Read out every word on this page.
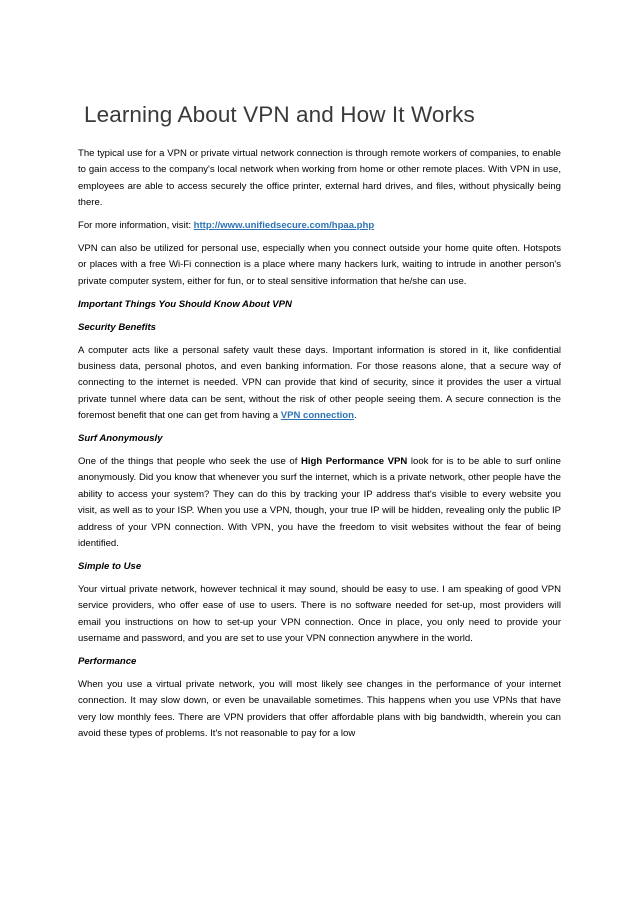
Learning About VPN and How It Works

The typical use for a VPN or private virtual network connection is through remote workers of companies, to enable to gain access to the company's local network when working from home or other remote places. With VPN in use, employees are able to access securely the office printer, external hard drives, and files, without physically being there.

For more information, visit: http://www.unifiedsecure.com/hpaa.php

VPN can also be utilized for personal use, especially when you connect outside your home quite often. Hotspots or places with a free Wi-Fi connection is a place where many hackers lurk, waiting to intrude in another person's private computer system, either for fun, or to steal sensitive information that he/she can use.

Important Things You Should Know About VPN

Security Benefits

A computer acts like a personal safety vault these days. Important information is stored in it, like confidential business data, personal photos, and even banking information. For those reasons alone, that a secure way of connecting to the internet is needed. VPN can provide that kind of security, since it provides the user a virtual private tunnel where data can be sent, without the risk of other people seeing them. A secure connection is the foremost benefit that one can get from having a VPN connection.

Surf Anonymously

One of the things that people who seek the use of High Performance VPN look for is to be able to surf online anonymously. Did you know that whenever you surf the internet, which is a private network, other people have the ability to access your system? They can do this by tracking your IP address that's visible to every website you visit, as well as to your ISP. When you use a VPN, though, your true IP will be hidden, revealing only the public IP address of your VPN connection. With VPN, you have the freedom to visit websites without the fear of being identified.

Simple to Use

Your virtual private network, however technical it may sound, should be easy to use. I am speaking of good VPN service providers, who offer ease of use to users. There is no software needed for set-up, most providers will email you instructions on how to set-up your VPN connection. Once in place, you only need to provide your username and password, and you are set to use your VPN connection anywhere in the world.

Performance

When you use a virtual private network, you will most likely see changes in the performance of your internet connection. It may slow down, or even be unavailable sometimes. This happens when you use VPNs that have very low monthly fees. There are VPN providers that offer affordable plans with big bandwidth, wherein you can avoid these types of problems. It's not reasonable to pay for a low
